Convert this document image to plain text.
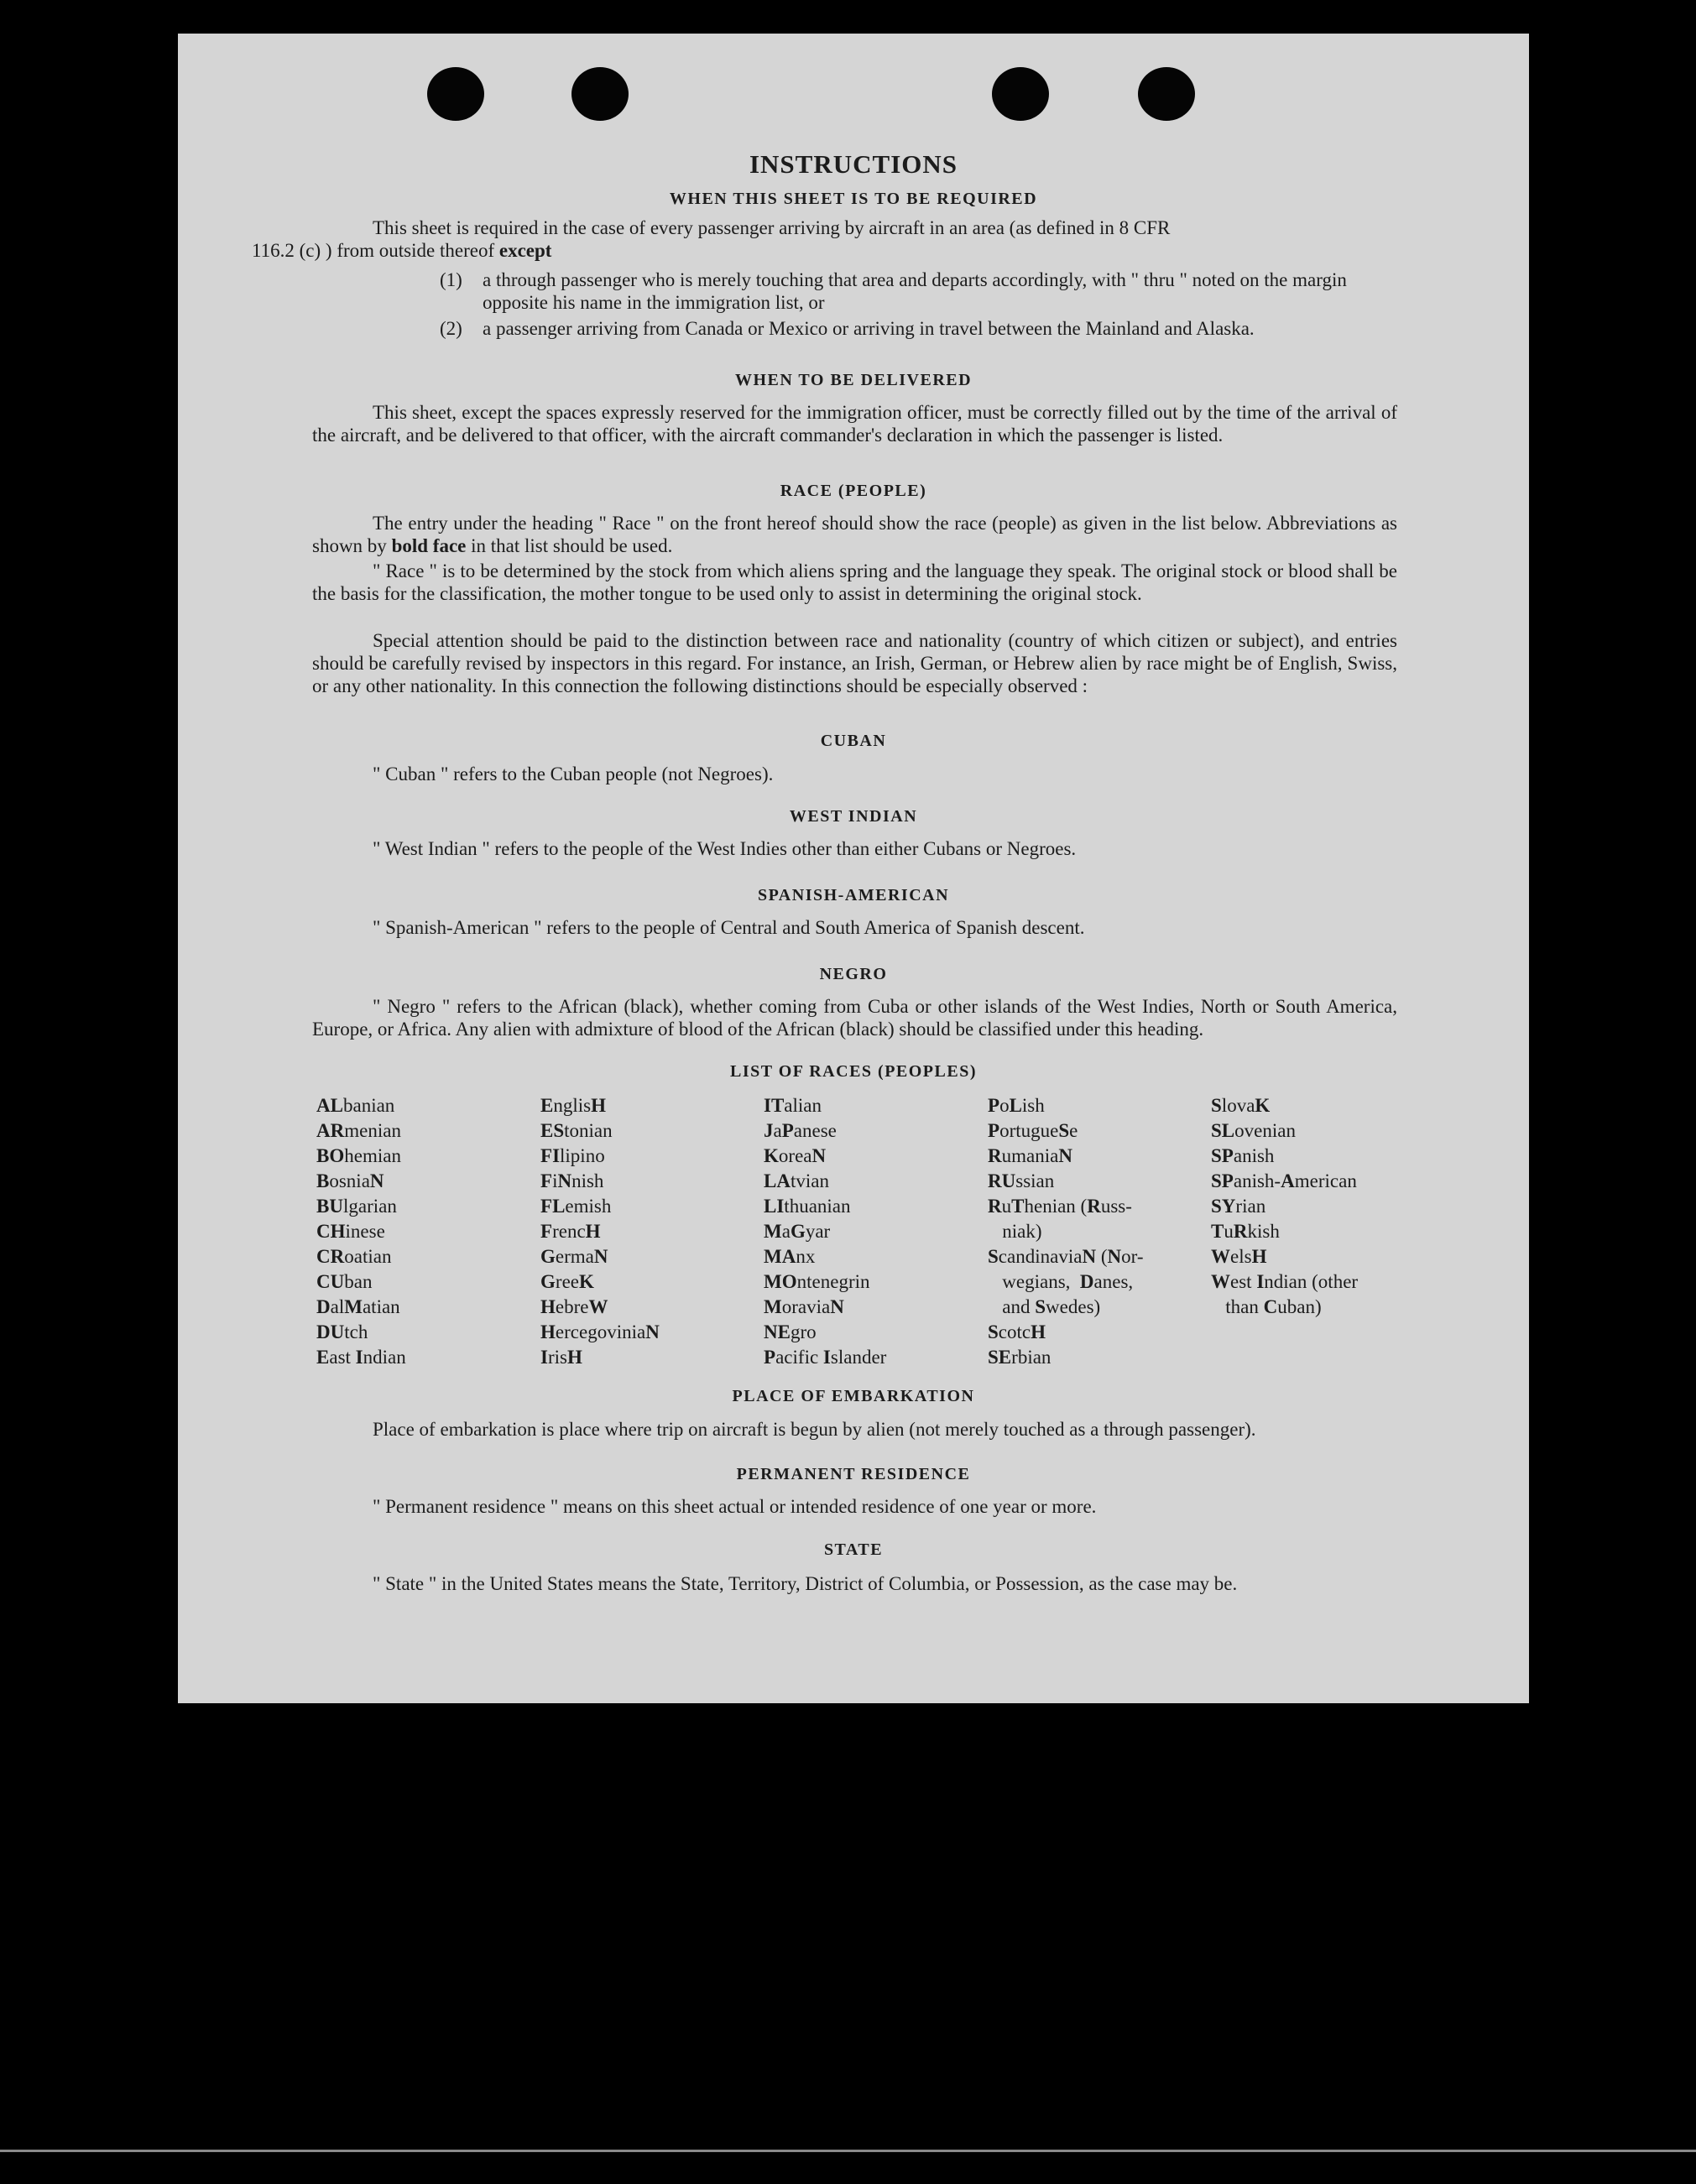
INSTRUCTIONS
WHEN THIS SHEET IS TO BE REQUIRED
This sheet is required in the case of every passenger arriving by aircraft in an area (as defined in 8 CFR
116.2 (c) ) from outside thereof except
(1) a through passenger who is merely touching that area and departs accordingly, with " thru " noted on the margin opposite his name in the immigration list, or
(2) a passenger arriving from Canada or Mexico or arriving in travel between the Mainland and Alaska.
WHEN TO BE DELIVERED
This sheet, except the spaces expressly reserved for the immigration officer, must be correctly filled out by the time of the arrival of the aircraft, and be delivered to that officer, with the aircraft commander's declaration in which the passenger is listed.
RACE (PEOPLE)
The entry under the heading " Race " on the front hereof should show the race (people) as given in the list below. Abbreviations as shown by bold face in that list should be used.
" Race " is to be determined by the stock from which aliens spring and the language they speak. The original stock or blood shall be the basis for the classification, the mother tongue to be used only to assist in determining the original stock.
Special attention should be paid to the distinction between race and nationality (country of which citizen or subject), and entries should be carefully revised by inspectors in this regard. For instance, an Irish, German, or Hebrew alien by race might be of English, Swiss, or any other nationality. In this connection the following distinctions should be especially observed :
CUBAN
" Cuban " refers to the Cuban people (not Negroes).
WEST INDIAN
" West Indian " refers to the people of the West Indies other than either Cubans or Negroes.
SPANISH-AMERICAN
" Spanish-American " refers to the people of Central and South America of Spanish descent.
NEGRO
" Negro " refers to the African (black), whether coming from Cuba or other islands of the West Indies, North or South America, Europe, or Africa. Any alien with admixture of blood of the African (black) should be classified under this heading.
LIST OF RACES (PEOPLES)
ALbanian
ARmenian
BOhemian
BosniaN
BUlgarian
CHinese
CRoatian
CUban
DalMatian
DUtch
East Indian
EnglisH
EStonian
FIlipino
FiNnish
FLemish
FrencH
GermaN
GreeK
HebreW
HercegoviniaN
IrisH
ITalian
JaPanese
KoreaN
LAtvian
LIthuanian
MaGyar
MAnx
MOntenegrin
MoraviaN
NEgro
Pacific Islander
PoLish
PortugueSe
RumaniaN
RUssian
RuThenian (Russ-
niak)
ScandinaviaN (Nor-
wegians, Danes,
and Swedes)
ScotcH
SErbian
SlovaK
SLovenian
SPanish
SPanish-American
SYrian
TuRkish
WelsH
West Indian (other
than Cuban)
PLACE OF EMBARKATION
Place of embarkation is place where trip on aircraft is begun by alien (not merely touched as a through passenger).
PERMANENT RESIDENCE
" Permanent residence " means on this sheet actual or intended residence of one year or more.
STATE
" State " in the United States means the State, Territory, District of Columbia, or Possession, as the case may be.
